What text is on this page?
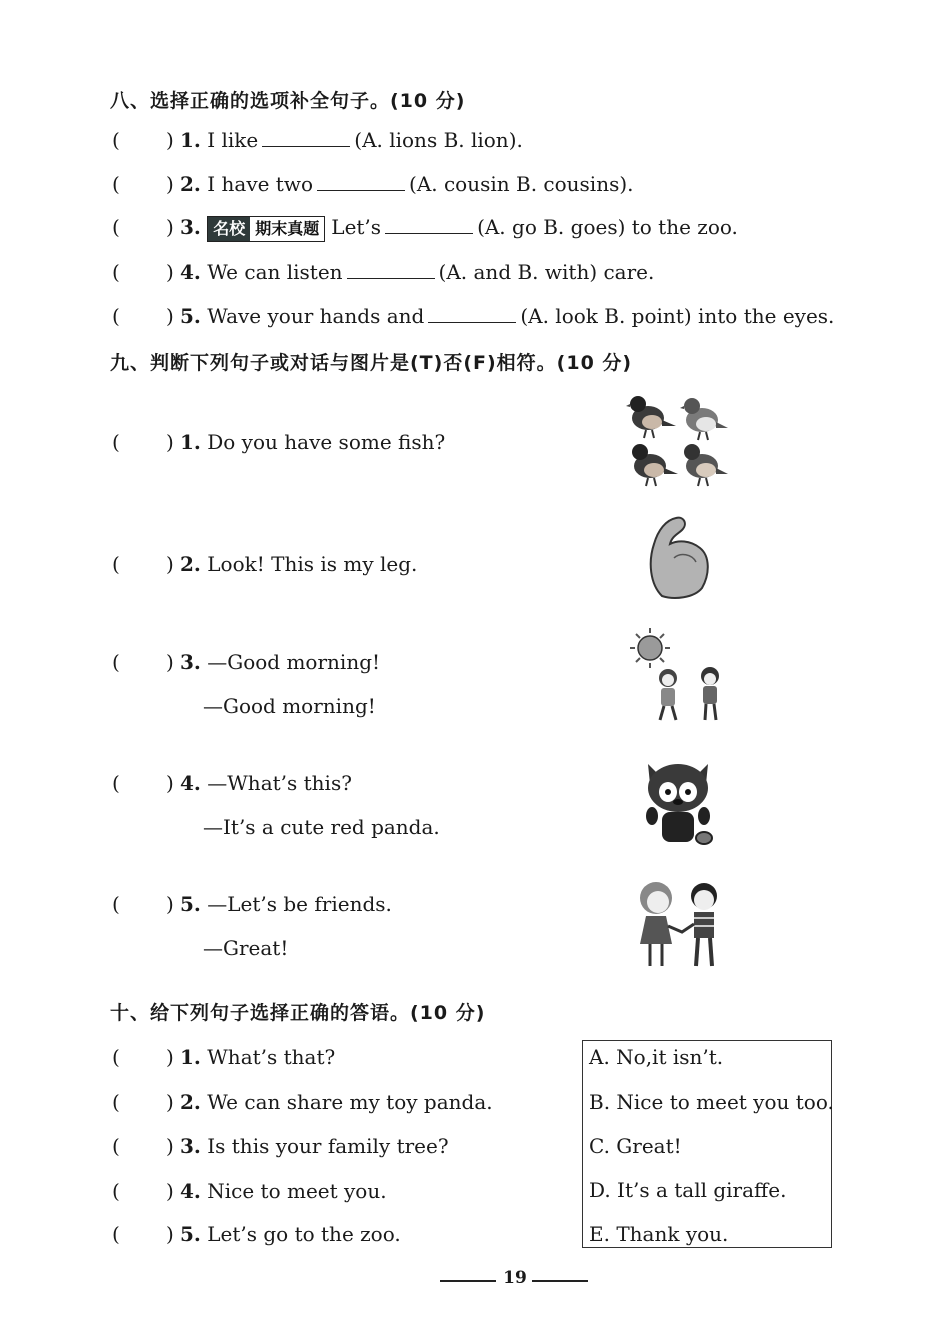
八、选择正确的选项补全句子。(10 分)
( ) 1. I like	(A. lions B. lion).
( ) 2. I have two	(A. cousin B. cousins).
( ) 3. 名校 期末真题 Let’s	(A. go B. goes) to the zoo.
( ) 4. We can listen	(A. and B. with) care.
( ) 5. Wave your hands and	(A. look B. point) into the eyes.
九、判断下列句子或对话与图片是(T)否(F)相符。(10 分)
( ) 1. Do you have some fish?
( ) 2. Look! This is my leg.
( ) 3. —Good morning!
—Good morning!
( ) 4. —What’s this?
—It’s a cute red panda.
( ) 5. —Let’s be friends.
—Great!
十、给下列句子选择正确的答语。(10 分)
( ) 1. What’s that?
( ) 2. We can share my toy panda.
( ) 3. Is this your family tree?
( ) 4. Nice to meet you.
( ) 5. Let’s go to the zoo.
A. No,it isn’t.
B. Nice to meet you too.
C. Great!
D. It’s a tall giraffe.
E. Thank you.
19
